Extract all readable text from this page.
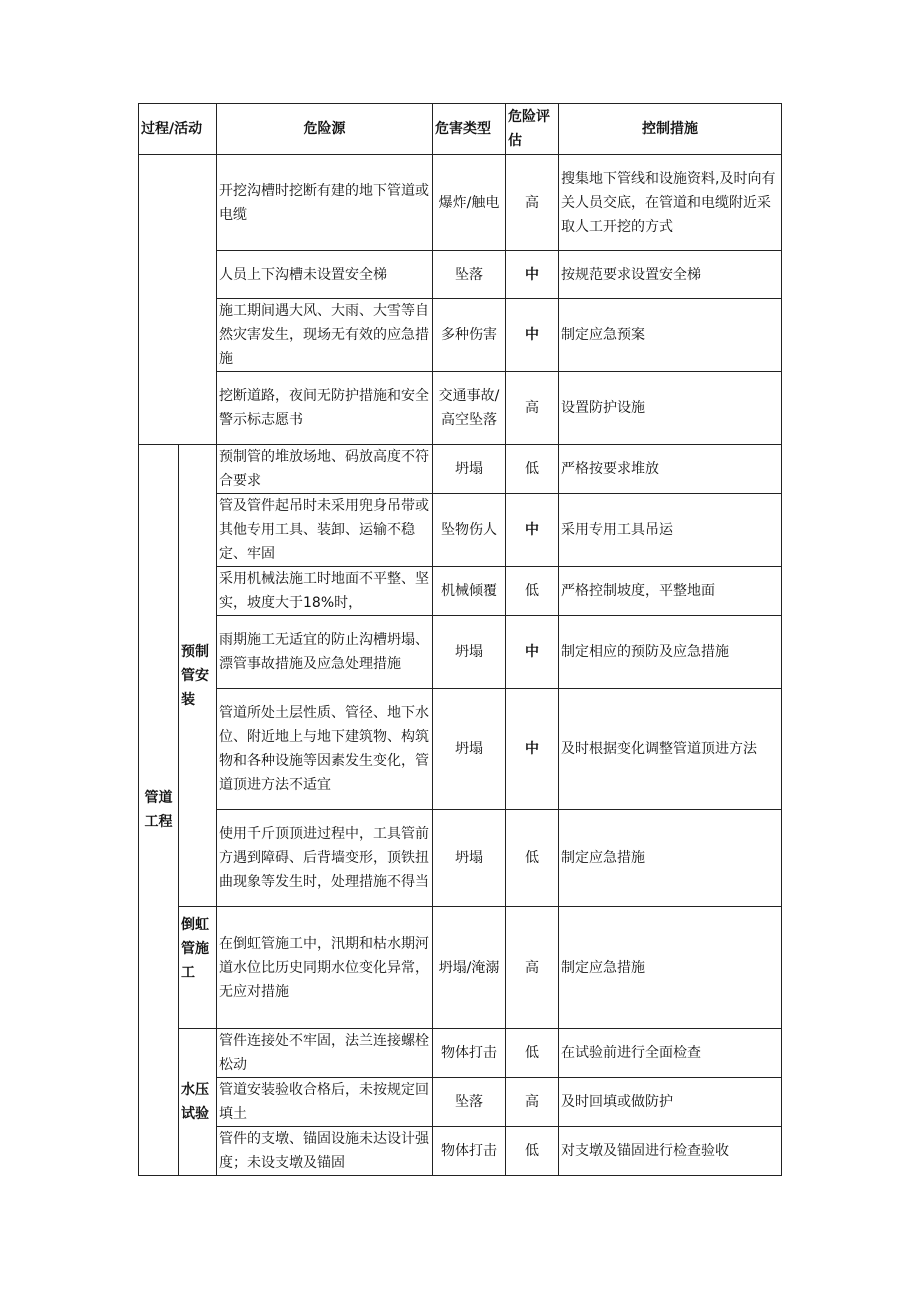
过程/活动		危险源	危害类型	危险评估	控制措施
		开挖沟槽时挖断有建的地下管道或电缆	爆炸/触电	高	搜集地下管线和设施资料,及时向有关人员交底，在管道和电缆附近采取人工开挖的方式
		人员上下沟槽未设置安全梯	坠落	中	按规范要求设置安全梯
		施工期间遇大风、大雨、大雪等自然灾害发生，现场无有效的应急措施	多种伤害	中	制定应急预案
		挖断道路，夜间无防护措施和安全警示标志愿书	交通事故/高空坠落	高	设置防护设施
管道工程	预制管安装	预制管的堆放场地、码放高度不符合要求	坍塌	低	严格按要求堆放
		管及管件起吊时未采用兜身吊带或其他专用工具、装卸、运输不稳定、牢固	坠物伤人	中	采用专用工具吊运
		采用机械法施工时地面不平整、坚实，坡度大于18%时，	机械倾覆	低	严格控制坡度，平整地面
		雨期施工无适宜的防止沟槽坍塌、漂管事故措施及应急处理措施	坍塌	中	制定相应的预防及应急措施
		管道所处土层性质、管径、地下水位、附近地上与地下建筑物、构筑物和各种设施等因素发生变化，管道顶进方法不适宜	坍塌	中	及时根据变化调整管道顶进方法
		使用千斤顶顶进过程中，工具管前方遇到障碍、后背墙变形，顶铁扭曲现象等发生时，处理措施不得当	坍塌	低	制定应急措施
	倒虹管施工	在倒虹管施工中，汛期和枯水期河道水位比历史同期水位变化异常，无应对措施	坍塌/淹溺	高	制定应急措施
	水压试验	管件连接处不牢固，法兰连接螺栓松动	物体打击	低	在试验前进行全面检查
		管道安装验收合格后，未按规定回填土	坠落	高	及时回填或做防护
		管件的支墩、锚固设施未达设计强度；未设支墩及锚固	物体打击	低	对支墩及锚固进行检查验收
